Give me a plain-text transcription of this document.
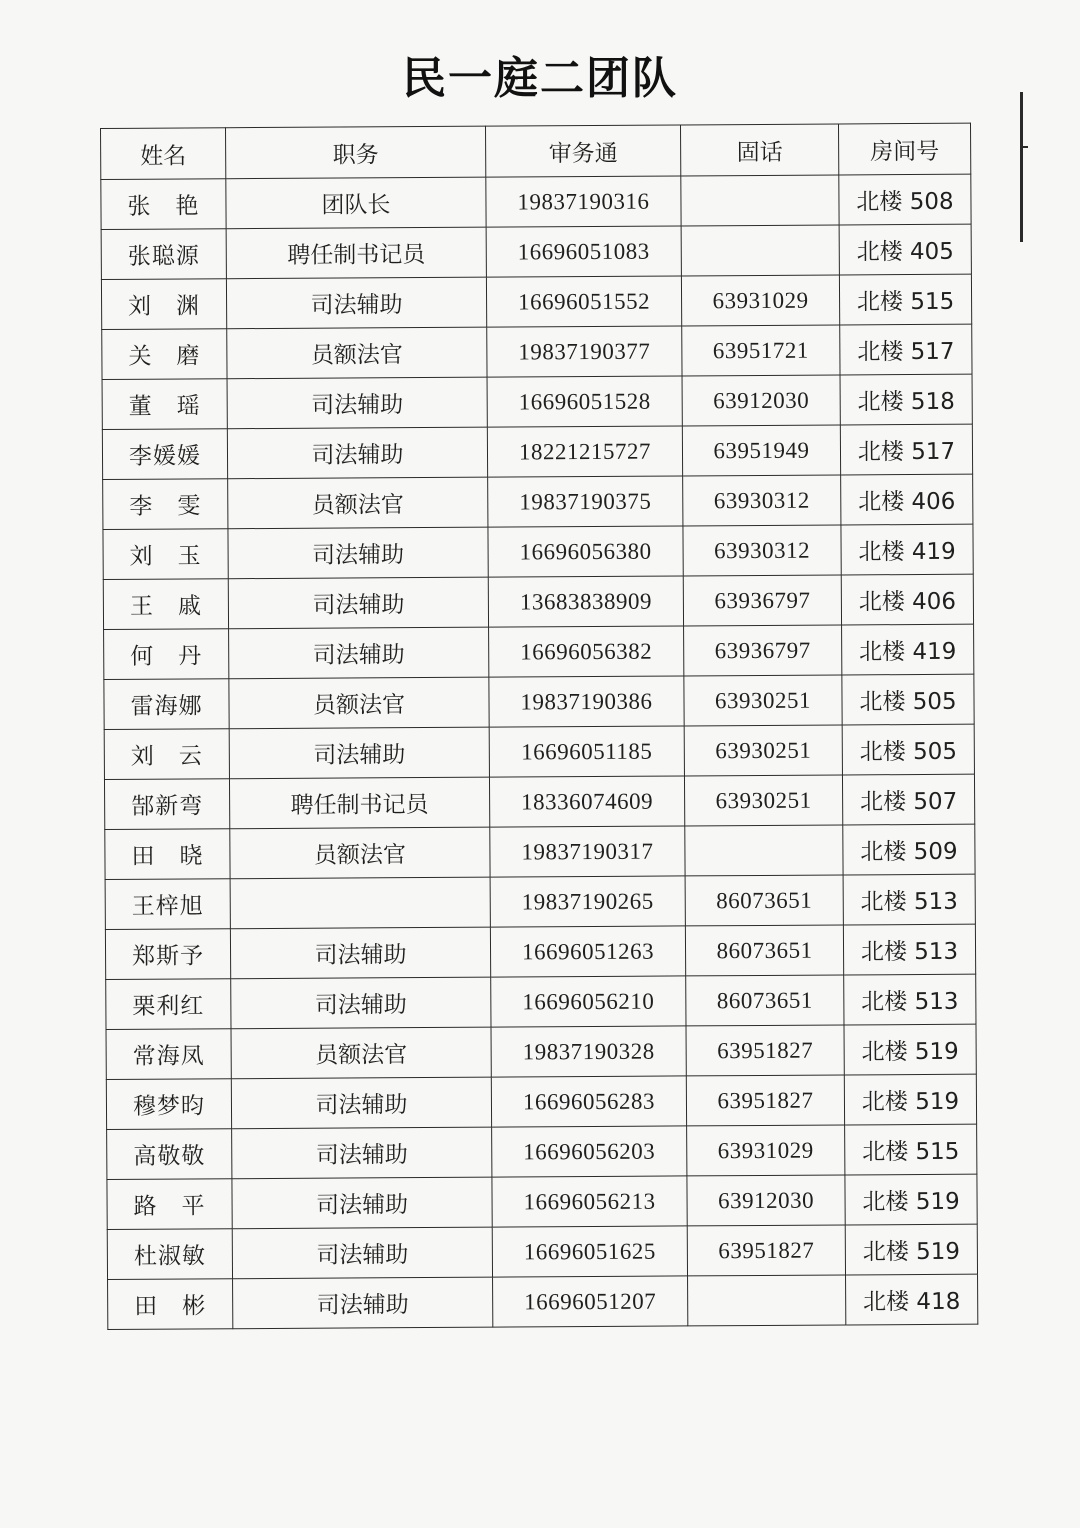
民一庭二团队
姓名	职务	审务通	固话	房间号
张　艳	团队长	19837190316		北楼 508
张聪源	聘任制书记员	16696051083		北楼 405
刘　渊	司法辅助	16696051552	63931029	北楼 515
关　磨	员额法官	19837190377	63951721	北楼 517
董　瑶	司法辅助	16696051528	63912030	北楼 518
李媛媛	司法辅助	18221215727	63951949	北楼 517
李　雯	员额法官	19837190375	63930312	北楼 406
刘　玉	司法辅助	16696056380	63930312	北楼 419
王　戚	司法辅助	13683838909	63936797	北楼 406
何　丹	司法辅助	16696056382	63936797	北楼 419
雷海娜	员额法官	19837190386	63930251	北楼 505
刘　云	司法辅助	16696051185	63930251	北楼 505
郜新弯	聘任制书记员	18336074609	63930251	北楼 507
田　晓	员额法官	19837190317		北楼 509
王梓旭		19837190265	86073651	北楼 513
郑斯予	司法辅助	16696051263	86073651	北楼 513
栗利红	司法辅助	16696056210	86073651	北楼 513
常海凤	员额法官	19837190328	63951827	北楼 519
穆梦昀	司法辅助	16696056283	63951827	北楼 519
高敬敬	司法辅助	16696056203	63931029	北楼 515
路　平	司法辅助	16696056213	63912030	北楼 519
杜淑敏	司法辅助	16696051625	63951827	北楼 519
田　彬	司法辅助	16696051207		北楼 418
